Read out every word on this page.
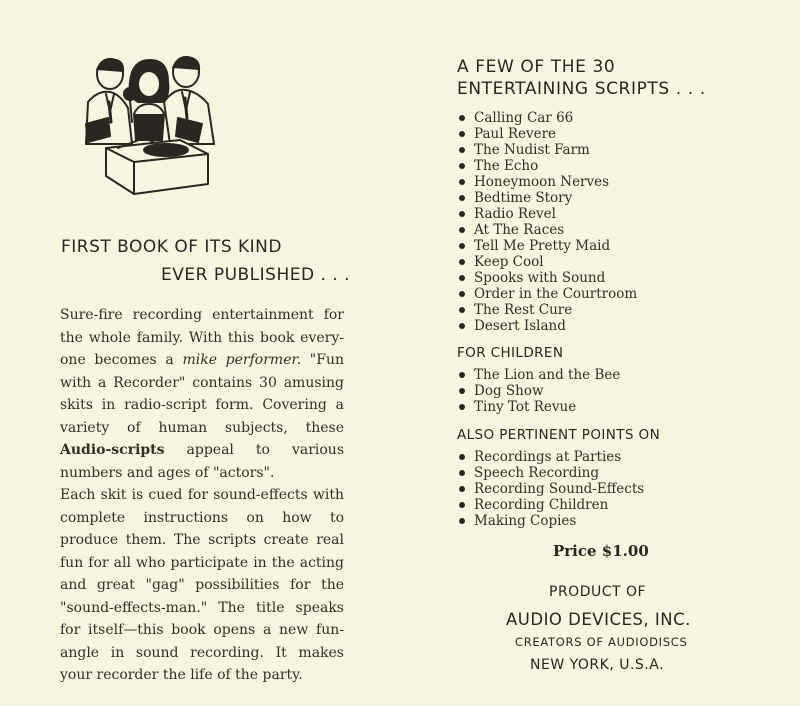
FIRST BOOK OF ITS KIND
EVER PUBLISHED . . .
Sure-fire recording entertainment for the whole family. With this book every-one becomes a mike performer. "Fun with a Recorder" contains 30 amusing skits in radio-script form. Covering a variety of human subjects, these Audio-scripts appeal to various numbers and ages of "actors".
Each skit is cued for sound-effects with complete instructions on how to produce them. The scripts create real fun for all who participate in the acting and great "gag" possibilities for the "sound-effects-man." The title speaks for itself—this book opens a new fun-angle in sound recording. It makes your recorder the life of the party.
A FEW OF THE 30
ENTERTAINING SCRIPTS . . .
Calling Car 66
Paul Revere
The Nudist Farm
The Echo
Honeymoon Nerves
Bedtime Story
Radio Revel
At The Races
Tell Me Pretty Maid
Keep Cool
Spooks with Sound
Order in the Courtroom
The Rest Cure
Desert Island
FOR CHILDREN
The Lion and the Bee
Dog Show
Tiny Tot Revue
ALSO PERTINENT POINTS ON
Recordings at Parties
Speech Recording
Recording Sound-Effects
Recording Children
Making Copies
Price $1.00
PRODUCT OF
AUDIO DEVICES, INC.
CREATORS OF AUDIODISCS
NEW YORK, U.S.A.
